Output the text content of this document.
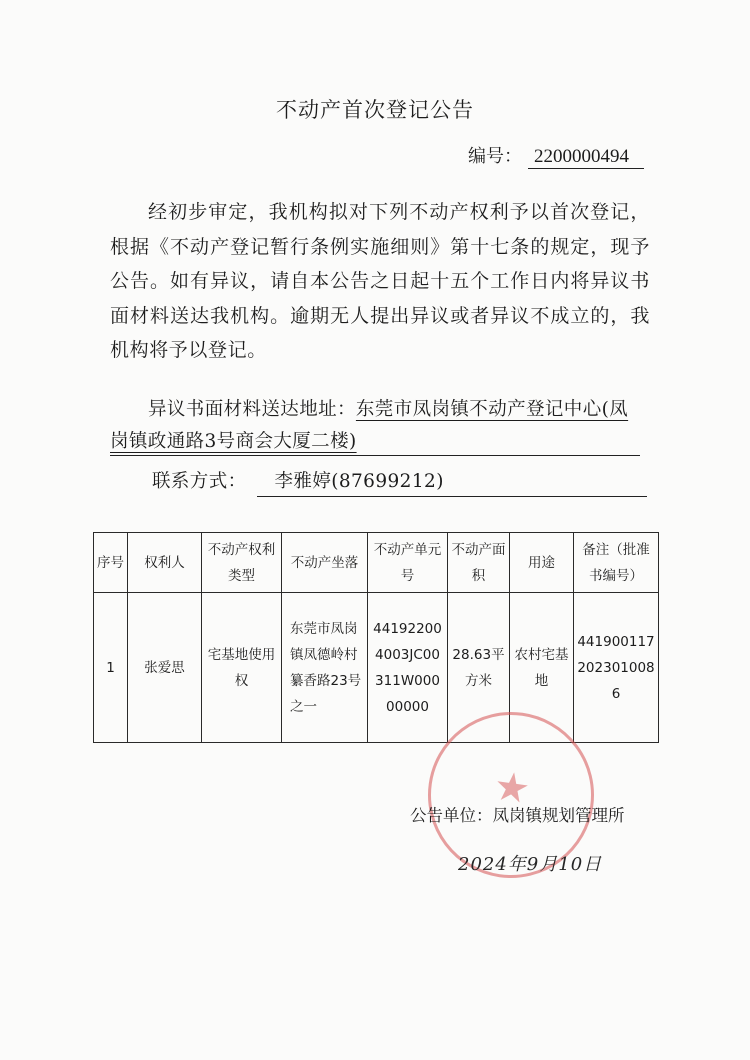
不动产首次登记公告
编号： 2200000494

经初步审定，我机构拟对下列不动产权利予以首次登记，根据《不动产登记暂行条例实施细则》第十七条的规定，现予公告。如有异议，请自本公告之日起十五个工作日内将异议书面材料送达我机构。逾期无人提出异议或者异议不成立的，我机构将予以登记。

异议书面材料送达地址：东莞市凤岗镇不动产登记中心(凤岗镇政通路3号商会大厦二楼)
联系方式： 李雅婷(87699212)
序号	权利人	不动产权利类型	不动产坐落	不动产单元号	不动产面积	用途	备注（批准书编号）
1	张爱思	宅基地使用权	东莞市凤岗镇凤德岭村纂香路23号之一	441922004003JC00311W00000000	28.63平方米	农村宅基地	4419001172023010086
★
公告单位：凤岗镇规划管理所
2024年9月10日
